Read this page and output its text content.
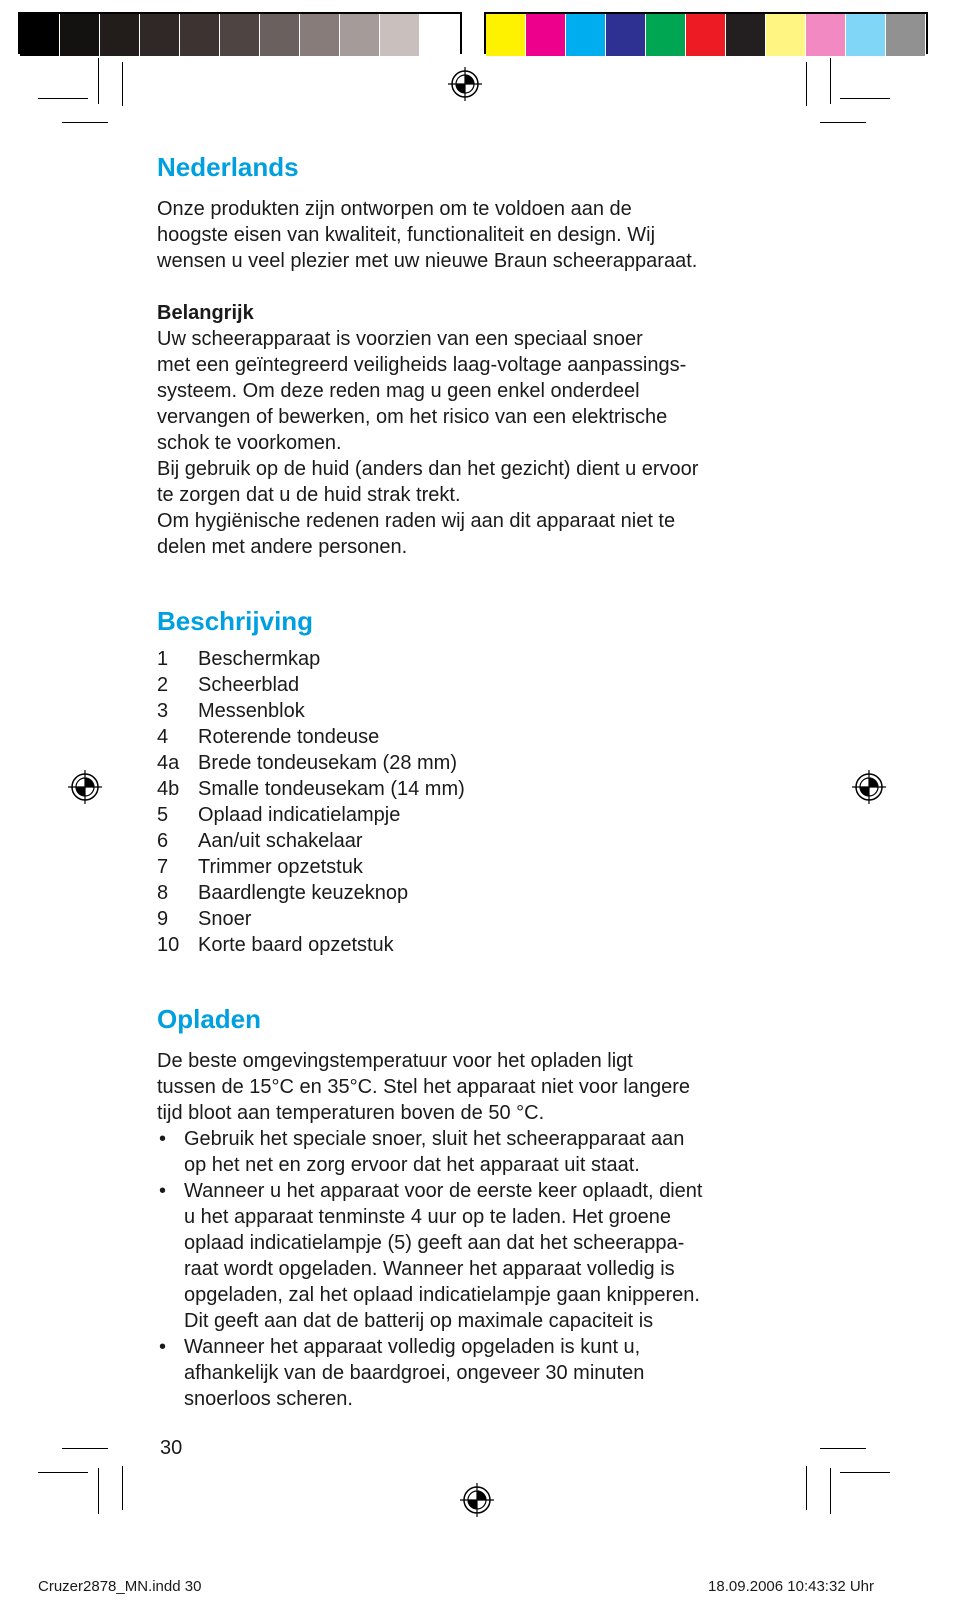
Nederlands

Onze produkten zijn ontworpen om te voldoen aan de

hoogste eisen van kwaliteit, functionaliteit en design. Wij

wensen u veel plezier met uw nieuwe Braun scheerapparaat.

Belangrijk

Uw scheerapparaat is voorzien van een speciaal snoer

met een geïntegreerd veiligheids laag-voltage aanpassings-

systeem. Om deze reden mag u geen enkel onderdeel

vervangen of bewerken, om het risico van een elektrische

schok te voorkomen.

Bij gebruik op de huid (anders dan het gezicht) dient u ervoor

te zorgen dat u de huid strak trekt.

Om hygiënische redenen raden wij aan dit apparaat niet te

delen met andere personen.

Beschrijving
1	Beschermkap
2	Scheerblad
3	Messenblok
4	Roterende tondeuse
4a Brede tondeusekam (28 mm)
4b Smalle tondeusekam (14 mm)
5	Oplaad indicatielampje
6	Aan/uit schakelaar
7	Trimmer opzetstuk
8	Baardlengte keuzeknop
9	Snoer
10 Korte baard opzetstuk
Opladen

De beste omgevingstemperatuur voor het opladen ligt

tussen de 15°C en 35°C. Stel het apparaat niet voor langere

tijd bloot aan temperaturen boven de 50 °C.

• Gebruik het speciale snoer, sluit het scheerapparaat aan
op het net en zorg ervoor dat het apparaat uit staat.
• Wanneer u het apparaat voor de eerste keer oplaadt, dient
u het apparaat tenminste 4 uur op te laden. Het groene
oplaad indicatielampje (5) geeft aan dat het scheerappa-
raat wordt opgeladen. Wanneer het apparaat volledig is
opgeladen, zal het oplaad indicatielampje gaan knipperen.
Dit geeft aan dat de batterij op maximale capaciteit is
• Wanneer het apparaat volledig opgeladen is kunt u,
afhankelijk van de baardgroei, ongeveer 30 minuten
snoerloos scheren.
30
Cruzer2878_MN.indd 30	18.09.2006 10:43:32 Uhr
